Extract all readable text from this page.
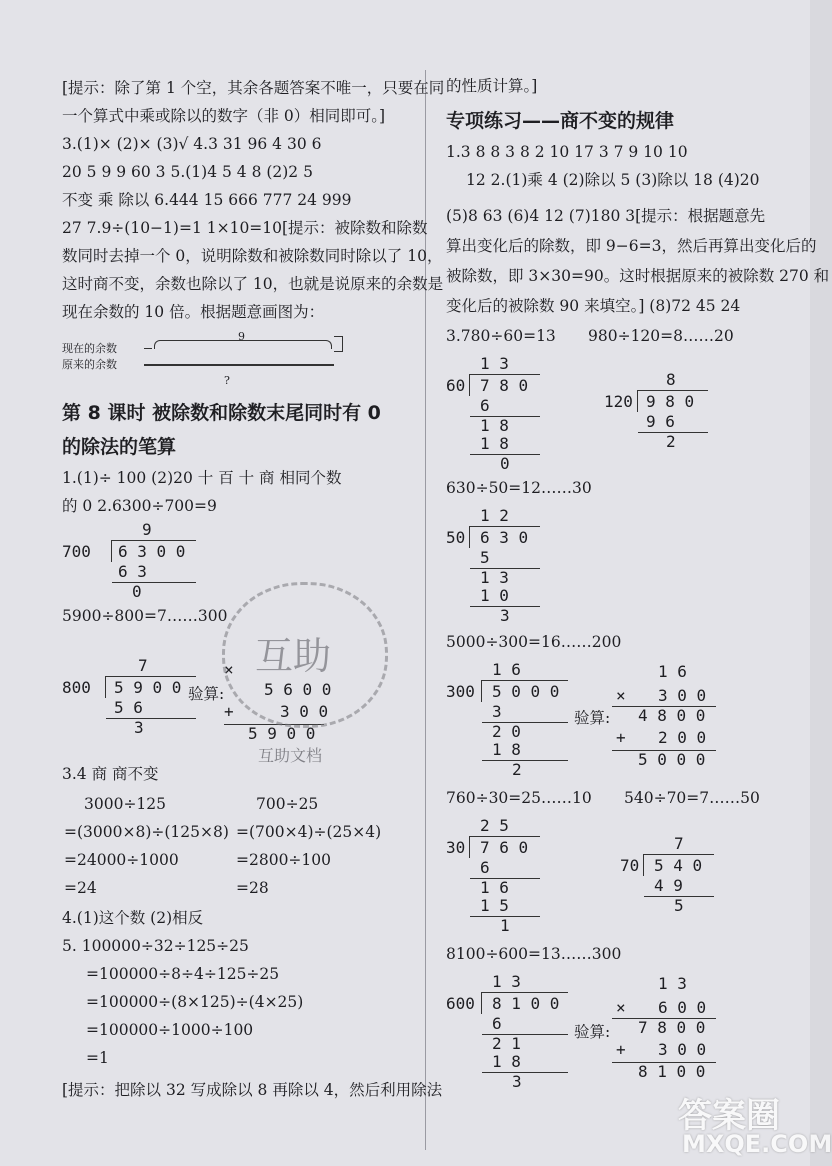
[提示：除了第 1 个空，其余各题答案不唯一，只要在同
一个算式中乘或除以的数字（非 0）相同即可。]
3.(1)× (2)× (3)√ 4.3 31 96 4 30 6
20 5 9 9 60 3 5.(1)4 5 4 8 (2)2 5
不变 乘 除以 6.444 15 666 777 24 999
27 7.9÷(10−1)=1 1×10=10[提示：被除数和除数
数同时去掉一个 0，说明除数和被除数同时除以了 10，
这时商不变，余数也除以了 10，也就是说原来的余数是
现在余数的 10 倍。根据题意画图为：
现在的余数
原来的余数
9
?
第 8 课时 被除数和除数末尾同时有 0
的除法的笔算
1.(1)÷ 100 (2)20 十 百 十 商 相同个数
的 0 2.6300÷700=9
9
700 6 3 0 0
6 3
0
5900÷800=7……300
7
800 5 9 0 0
5 6
3
验算:
×
5 6 0 0
+	3 0 0
5 9 0 0
互助
互助文档
3.4 商 商不变
3000÷125
=(3000×8)÷(125×8)
=24000÷1000
=24
700÷25
=(700×4)÷(25×4)
=2800÷100
=28
4.(1)这个数 (2)相反
5. 100000÷32÷125÷25
=100000÷8÷4÷125÷25
=100000÷(8×125)÷(4×25)
=100000÷1000÷100
=1
[提示：把除以 32 写成除以 8 再除以 4，然后利用除法
的性质计算。]
专项练习——商不变的规律
1.3 8 8 3 8 2 10 17 3 7 9 10 10
12 2.(1)乘 4 (2)除以 5 (3)除以 18 (4)20
(5)8 63 (6)4 12 (7)180 3[提示：根据题意先
算出变化后的除数，即 9−6=3，然后再算出变化后的
被除数，即 3×30=90。这时根据原来的被除数 270 和
变化后的被除数 90 来填空。] (8)72 45 24
3.780÷60=13 980÷120=8……20
1 3
60 7 8 0
6
1 8
1 8
0
8
120 9 8 0
9 6
2
630÷50=12……30
1 2
50 6 3 0
5
1 3
1 0
3
5000÷300=16……200
1 6
300 5 0 0 0
3
2 0
1 8
2
验算:
1 6
× 3 0 0
4 8 0 0
+ 2 0 0
5 0 0 0
760÷30=25……10 540÷70=7……50
2 5
30 7 6 0
6
1 6
1 5
1
7
70 5 4 0
4 9
5
8100÷600=13……300
1 3
600 8 1 0 0
6
2 1
1 8
3
验算:
1 3
× 6 0 0
7 8 0 0
+ 3 0 0
8 1 0 0
答案圈
MXQE.COM
